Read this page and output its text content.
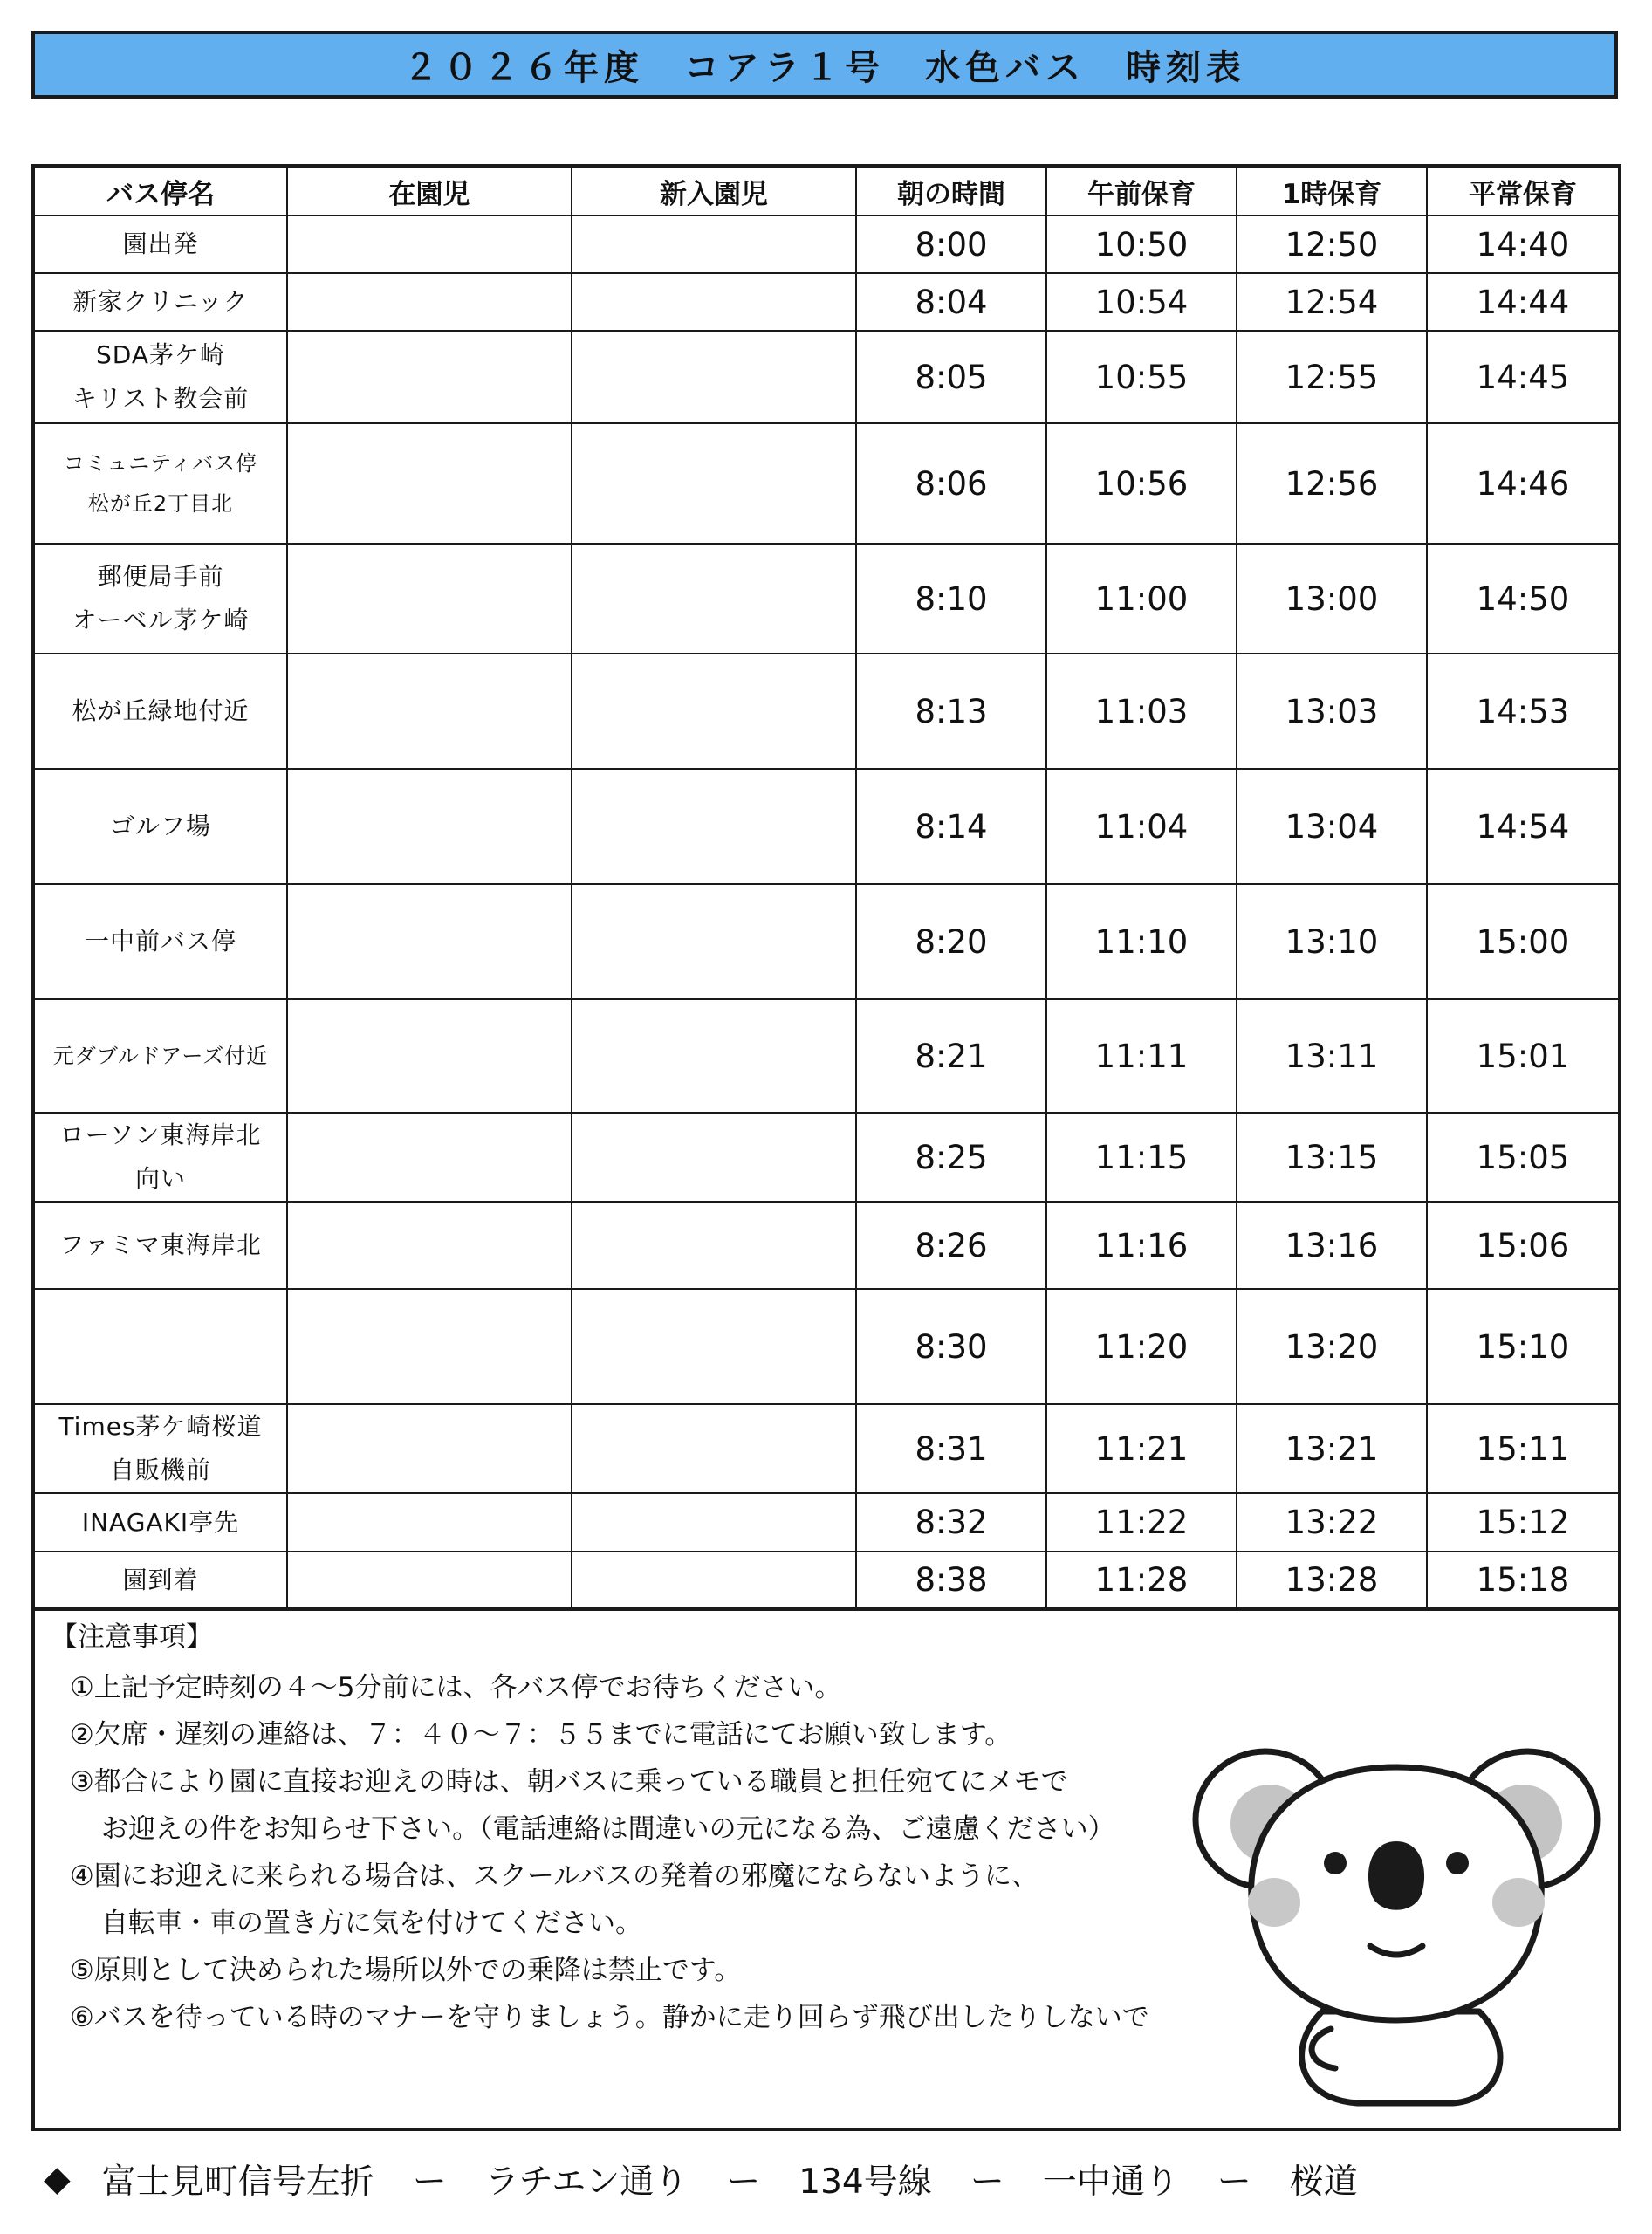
２０２６年度　コアラ１号　水色バス　時刻表
バス停名	在園児	新入園児	朝の時間	午前保育	1時保育	平常保育
園出発			8:00	10:50	12:50	14:40
新家クリニック			8:04	10:54	12:54	14:44
SDA茅ケ崎
キリスト教会前			8:05	10:55	12:55	14:45
コミュニティバス停
松が丘2丁目北			8:06	10:56	12:56	14:46
郵便局手前
オーベル茅ケ崎			8:10	11:00	13:00	14:50
松が丘緑地付近			8:13	11:03	13:03	14:53
ゴルフ場			8:14	11:04	13:04	14:54
一中前バス停			8:20	11:10	13:10	15:00
元ダブルドアーズ付近			8:21	11:11	13:11	15:01
ローソン東海岸北
向い			8:25	11:15	13:15	15:05
ファミマ東海岸北			8:26	11:16	13:16	15:06
			8:30	11:20	13:20	15:10
Times茅ケ崎桜道
自販機前			8:31	11:21	13:21	15:11
INAGAKI亭先			8:32	11:22	13:22	15:12
園到着			8:38	11:28	13:28	15:18
【注意事項】
①上記予定時刻の４～5分前には、各バス停でお待ちください。
②欠席・遅刻の連絡は、７：４０～７：５５までに電話にてお願い致します。
③都合により園に直接お迎えの時は、朝バスに乗っている職員と担任宛てにメモで
お迎えの件をお知らせ下さい。（電話連絡は間違いの元になる為、ご遠慮ください）
④園にお迎えに来られる場合は、スクールバスの発着の邪魔にならないように、
自転車・車の置き方に気を付けてください。
⑤原則として決められた場所以外での乗降は禁止です。
⑥バスを待っている時のマナーを守りましょう。静かに走り回らず飛び出したりしないで
◆ 富士見町信号左折 ー ラチエン通り ー 134号線 ー 一中通り ー 桜道
